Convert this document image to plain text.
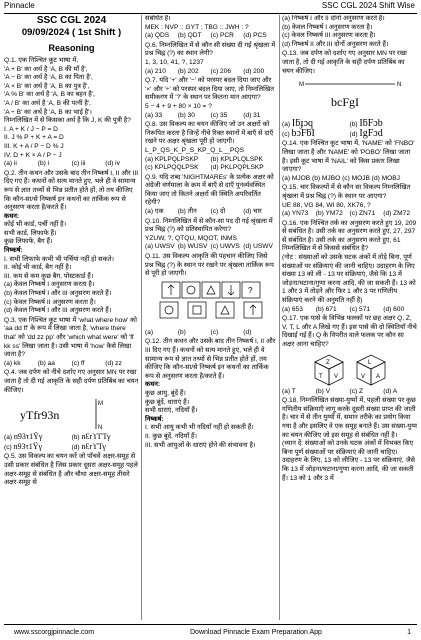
Pinnacle	SSC CGL 2024 Shift Wise
SSC CGL 2024
09/09/2024 ( 1st Shift )
Reasoning
Q.1. एक निश्चित कूट भाषा में,
'A + B' का अर्थ है 'A, B की माँ है',
'A − B' का अर्थ है 'A, B का पिता है',
'A × B' का अर्थ है 'A, B का पुत्र है',
'A % B' का अर्थ है 'A, B का बहन है',
'A / B' का अर्थ है 'A, B की पत्नी है',
'A ÷ B' का अर्थ है 'A, B का भाई है'।
निम्नलिखित में से किसका अर्थ है कि J, K की पुत्री है?
I. A + K / J − P = D
II. J % P + K + A = D
III. K + A / P − D % J
IV. D + K × A / P − J
(a) ii	(b) i	(c) iii	(d) iv
Q.2. तीन कथन और उसके बाद तीन निष्कर्ष I, II और III दिए गए हैं। कथनों को सत्य मानते हुए, भले ही वे सामान्य रूप से ज्ञात तथ्यों से भिन्न प्रतीत होते हों, तो तय कीजिए कि कौन-सा/से निष्कर्ष इन कथनों का तार्किक रूप से अनुसरण करता है/करते हैं।
कथन:
कोई भी कार्ड, पर्ची नहीं है।
सभी कार्ड, लिफाफे हैं।
कुछ लिफाफे, बैग हैं।
निष्कर्ष:
I. सभी लिफाफे कभी भी पर्चियां नहीं हो सकते।
II. कोई भी कार्ड, बैग नहीं है।
III. कम से कम कुछ बैग, पोस्टकार्ड हैं।
(a) केवल निष्कर्ष I अनुसरण करता है।
(b) केवल निष्कर्ष I और III अनुसरण करते हैं।
(c) केवल निष्कर्ष II अनुसरण करता है।
(d) केवल निष्कर्ष I और III अनुसरण करते हैं।
Q.3. एक निश्चित कूट भाषा में 'what where how' को 'aa dd ff' के रूप में लिखा जाता है, 'where there that' को 'dd zz pp' और 'which what were' को 'ff kk ss' लिखा जाता है। उसी भाषा में 'how' कैसे लिखा जाता है?
(a) kk	(b) aa	(c) ff	(d) zz
Q.4. जब दर्पण को नीचे दर्शाए गए अनुसार MN पर रखा जाता है तो दी गई आकृति के सही दर्पण प्रतिबिंब का चयन कीजिए।
yTfr93n
M
N
(a) n93τ1Ϋγ	(b) nƐrϒΓΤγ
(c) n93τ1Ϋγ	(d) nƐrϒΤγ
Q.5. उस विकल्प का चयन करें जो पाँचवें अक्षर-समूह से उसी प्रकार संबंधित है जिस प्रकार दूसरा अक्षर-समूह पहले अक्षर-समूह से संबंधित है और चौथा अक्षर-समूह तीसरे अक्षर-समूह से
संबंधित है।
MEK : NVP :: GYT : TBG :: JWH : ?
(a) QDS	(b) QDT	(c) PCR	(d) PCS
Q.6. निम्नलिखित में से कौन सी संख्या दी गई श्रृंखला में प्रश्न चिह्न (?) का स्थान लेगी?
1, 3, 10, 41, ?, 1237
(a) 210	(b) 202	(c) 206	(d) 200
Q.7. यदि '+' और '−' को परस्पर बदल दिया जाए और '×' और '÷' को परस्पर बदल दिया जाए, तो निम्नलिखित समीकरण में '?' के स्थान पर कितना मान आएगा?
5 − 4 + 9 + 80 × 10 = ?
(a) 33	(b) 30	(c) 35	(d) 31
Q.8. उस विकल्प का चयन कीजिए जो उन अक्षरों को निरूपित करता है जिन्हें नीचे रिक्त स्थानों में बाएँ से दाएँ रखने पर अक्षर श्रृंखला पूरी हो जाएगी।
L_P_QS_K_P_S_KP_Q_L__PQS
(a) KPLPQLPSKP	(b) KPLPLQLSPK
(c) KPLPQQLPSK	(d) PKLPQPLSKP
Q.9. यदि शब्द 'NIGHTMAREs' के प्रत्येक अक्षर को अंग्रेजी वर्णमाला के क्रम में बाएँ से दाएँ पुनर्व्यवस्थित किया जाए तो कितने अक्षरों की स्थिति अपरिवर्तित रहेगी?
(a) एक	(b) तीन	(c) दो	(d) चार
Q.10. निम्नलिखित में से कौन-सा पद दी गई श्रृंखला में प्रश्न चिह्न (?) को प्रतिस्थापित करेगा?
YZUW, ?, QTQU, MQOT, INMS
(a) UWSV (b) WUSV (c) UWVS (d) USWV
Q.11. उस विकल्प आकृति की पहचान कीजिए जिसे प्रश्न चिह्न (?) के स्थान पर रखने पर श्रृंखला तार्किक रूप से पूरी हो जाएगी।
?
(a)	(b)	(c)	(d)
Q.12. तीन कथन और उसके बाद तीन निष्कर्ष I, II और III दिए गए हैं। कथनों को सत्य मानते हुए, भले ही वे सामान्य रूप से ज्ञात तथ्यों से भिन्न प्रतीत होते हों, तय कीजिए कि कौन-सा/से निष्कर्ष इन कथनों का तार्किक रूप से अनुसरण करता है/करते हैं।
कथन:
कुछ आयु, बूंदें हैं।
कुछ बूंदें, धाराएं हैं।
सभी धाराएं, नदियाँ हैं।
निष्कर्ष:
I. सभी आयु कभी भी नदियाँ नहीं हो सकती हैं।
II. कुछ बूंदें, नदियाँ हैं।
III. सभी आयुओं के धाराएं होने की संभावना है।
(a) निष्कर्ष I और II दोनों अनुसरण करते हैं।
(b) केवल निष्कर्ष I अनुसरण करता है।
(c) केवल निष्कर्ष III अनुसरण करता है।
(d) निष्कर्ष II और III दोनों अनुसरण करते हैं।
Q.13. जब दर्पण को दर्शाए गए अनुसार MN पर रखा जाता है, तो दी गई आकृति के सही दर्पण प्रतिबिंब का चयन कीजिए।
M	N
bcFgI
(a) Iƃɟɔq	(b) IƃFɔb
(c) bɔFƃI	(d) IgFɔd
Q.14. एक निश्चित कूट भाषा में, 'NAME' को 'FNBO' लिखा जाता है और 'NAME' को 'POBO' लिखा जाता है। इसी कूट भाषा में 'NAIL' को किस प्रकार लिखा जाएगा?
(a) MJOB (b) MJBO (c) MOJB (d) MOBJ
Q.15. चार विकल्पों में से कौन सा विकल्प निम्नलिखित श्रृंखला में प्रश्न चिह्न (?) के स्थान पर आएगा?
UE 88, VG 84, WI 80, XK76, ?
(a) YN73	(b) YM72	(c) ZN71	(d) ZM72
Q.16. एक निश्चित तर्क का अनुसरण करते हुए 19, 209 से संबंधित है। उसी तर्क का अनुसरण करते हुए, 27, 297 से संबंधित है। उसी तर्क का अनुसरण करते हुए, 61 निम्नलिखित में से किससे संबंधित है?
(नोट : संख्याओं को उसके घटक अंकों में तोड़े बिना, पूर्ण संख्याओं पर संक्रियाएं की जानी चाहिए। उदाहरण के लिए संख्या 13 को ली - 13 पर संक्रियाएं, जैसे कि 13 में जोड़ना/घटाना/गुणा करना आदि, की जा सकती हैं। 13 को 1 और 3 में तोड़ने और फिर 1 और 3 पर गणितीय संक्रियाएं करने की अनुमति नहीं है)
(a) 653	(b) 671	(c) 571	(d) 600
Q.17. एक पासे के विभिन्न फलकों पर छह अक्षर Q, Z, V, T, L और A लिखे गए हैं। इस पासे की दो स्थितियाँ नीचे दिखाई गई हैं। Q के विपरीत वाले फलक पर कौन सा अक्षर आना चाहिए?
Z
T V
L
V A
(a) T	(b) V	(c) Z	(d) A
Q.18. निम्नलिखित संख्या-युग्मों में, पहली संख्या पर कुछ गणितीय संक्रियाएँ लागू करके दूसरी संख्या प्राप्त की जाती है। चार में से तीन युग्मों में, समान तरीके का प्रयोग किया गया है और इसलिए वे एक समूह बनाते हैं। उस संख्या-युग्म का चयन कीजिए जो इस समूह से संबंधित नहीं है।
(ध्यान दें: संख्याओं को उनके घटक अंकों में विभक्त किए बिना पूर्ण संख्याओं पर संक्रियाएं की जानी चाहिए। उदाहरण के लिए, 13 को लीजिए - 13 पर संक्रियाएं, जैसे कि 13 में जोड़ना/घटाना/गुणा करना आदि, की जा सकती हैं। 13 को 1 और 3 में
www.sscorgjpinnacle.com	Download Pinnacle Exam Preparation App	1
